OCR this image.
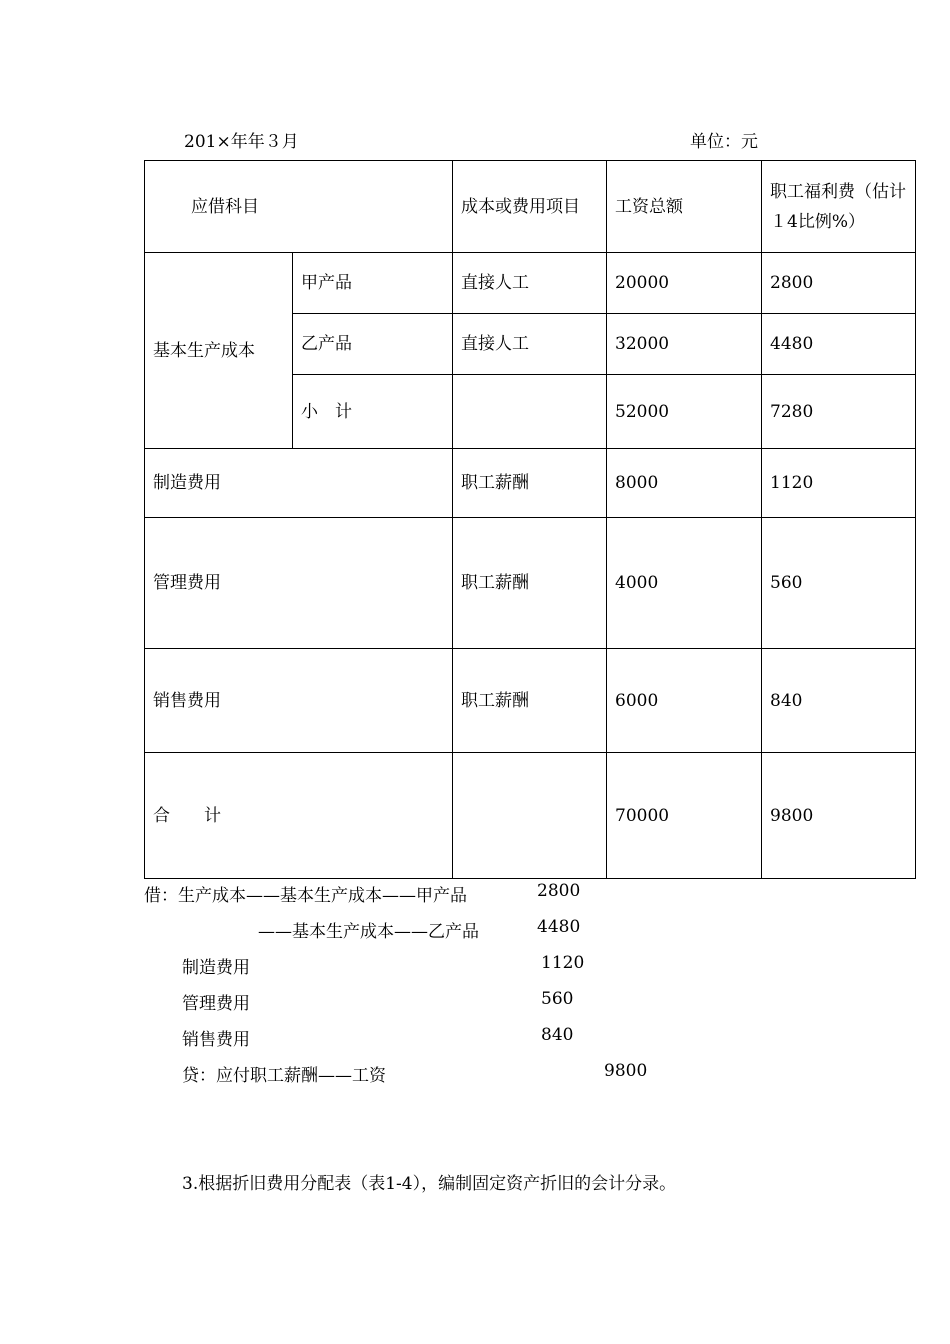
201×年年３月	单位：元
应借科目		成本或费用项目	工资总额	职工福利费（估计１4比例%）
基本生产成本	甲产品	直接人工	20000	2800
	乙产品	直接人工	32000	4480
	小　计		52000	7280
制造费用		职工薪酬	8000	1120
管理费用		职工薪酬	4000	560
销售费用		职工薪酬	6000	840
合　　计			70000	9800
借：生产成本——基本生产成本——甲产品	2800
——基本生产成本——乙产品	4480
制造费用	1120
管理费用	560
销售费用	840
贷：应付职工薪酬——工资	9800
3.根据折旧费用分配表（表1-4），编制固定资产折旧的会计分录。
